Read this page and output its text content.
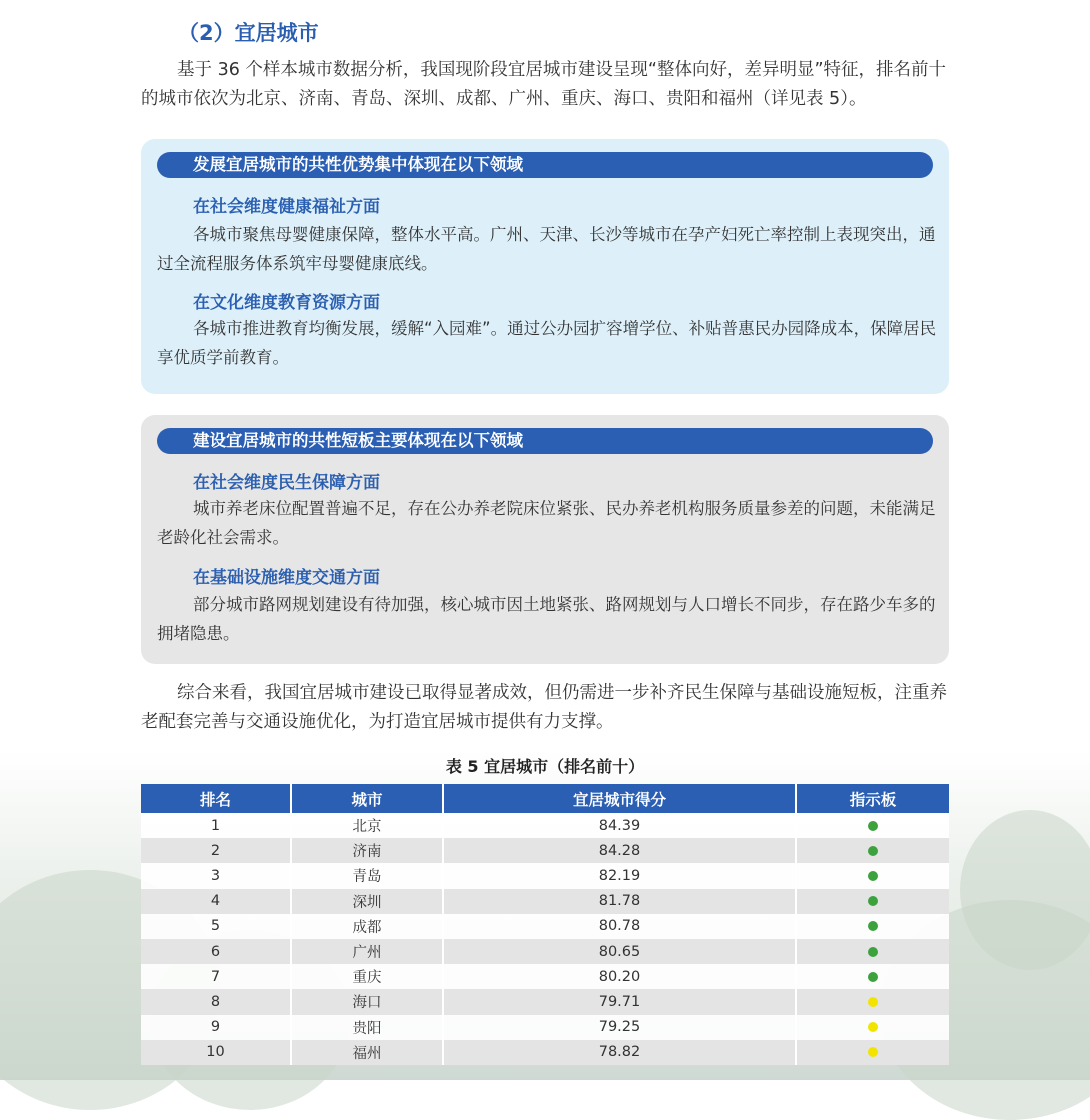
（2）宜居城市

基于 36 个样本城市数据分析，我国现阶段宜居城市建设呈现“整体向好，差异明显”特征，排名前十的城市依次为北京、济南、青岛、深圳、成都、广州、重庆、海口、贵阳和福州（详见表 5）。

发展宜居城市的共性优势集中体现在以下领域
在社会维度健康福祉方面

各城市聚焦母婴健康保障，整体水平高。广州、天津、长沙等城市在孕产妇死亡率控制上表现突出，通过全流程服务体系筑牢母婴健康底线。

在文化维度教育资源方面

各城市推进教育均衡发展，缓解“入园难”。通过公办园扩容增学位、补贴普惠民办园降成本，保障居民享优质学前教育。

建设宜居城市的共性短板主要体现在以下领域
在社会维度民生保障方面

城市养老床位配置普遍不足，存在公办养老院床位紧张、民办养老机构服务质量参差的问题，未能满足老龄化社会需求。

在基础设施维度交通方面

部分城市路网规划建设有待加强，核心城市因土地紧张、路网规划与人口增长不同步，存在路少车多的拥堵隐患。

综合来看，我国宜居城市建设已取得显著成效，但仍需进一步补齐民生保障与基础设施短板，注重养老配套完善与交通设施优化，为打造宜居城市提供有力支撑。

表 5 宜居城市（排名前十）

排名	城市	宜居城市得分	指示板
1	北京	84.39	
2	济南	84.28	
3	青岛	82.19	
4	深圳	81.78	
5	成都	80.78	
6	广州	80.65	
7	重庆	80.20	
8	海口	79.71	
9	贵阳	79.25	
10	福州	78.82	
